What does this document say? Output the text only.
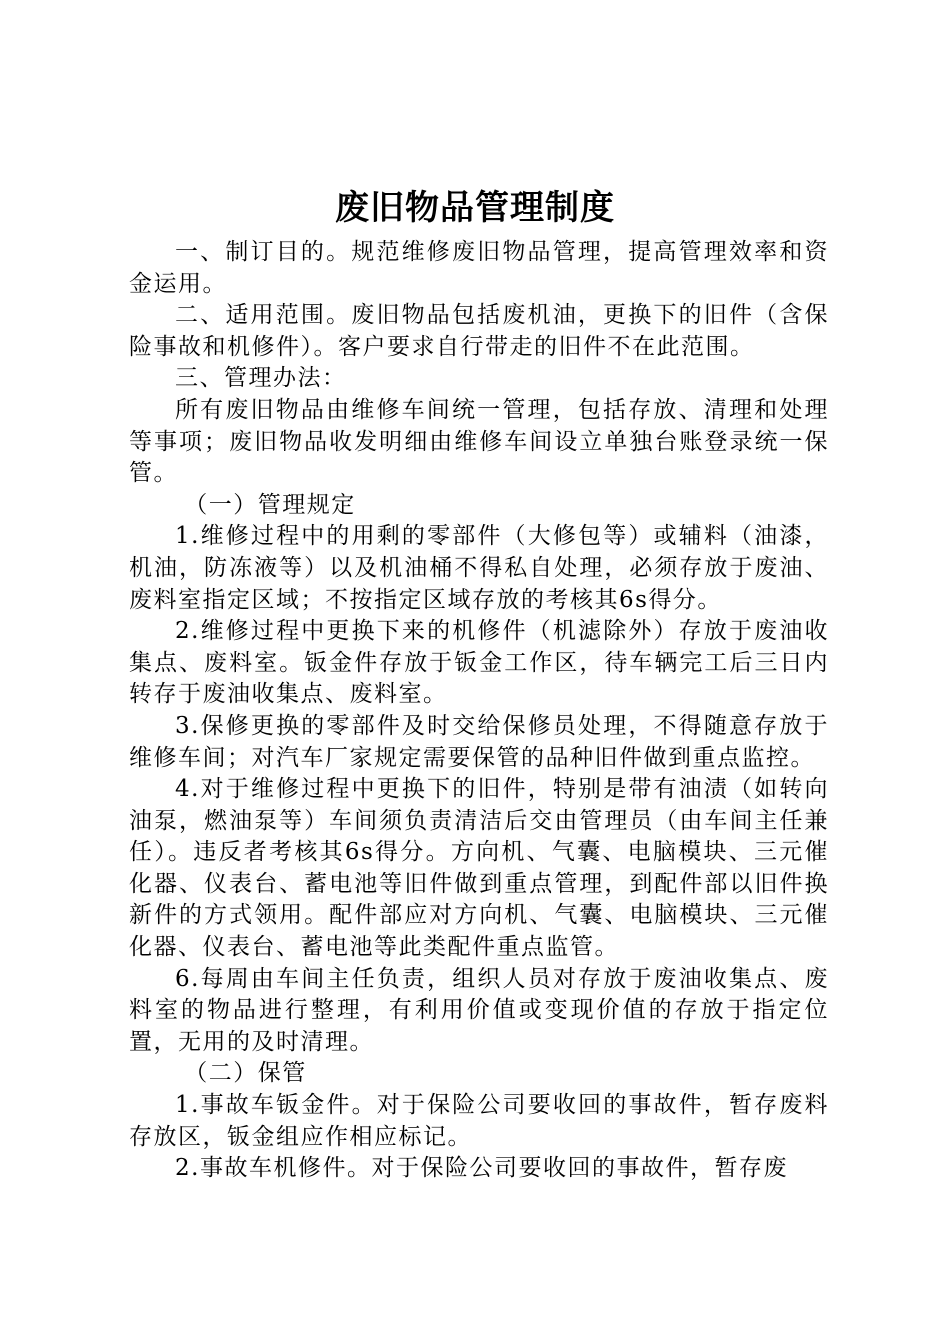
废旧物品管理制度

一、制订目的。规范维修废旧物品管理，提高管理效率和资金运用。

二、适用范围。废旧物品包括废机油，更换下的旧件（含保险事故和机修件）。客户要求自行带走的旧件不在此范围。

三、管理办法：

所有废旧物品由维修车间统一管理，包括存放、清理和处理等事项；废旧物品收发明细由维修车间设立单独台账登录统一保管。

（一）管理规定

1.维修过程中的用剩的零部件（大修包等）或辅料（油漆，机油，防冻液等）以及机油桶不得私自处理，必须存放于废油、废料室指定区域；不按指定区域存放的考核其6s得分。

2.维修过程中更换下来的机修件（机滤除外）存放于废油收集点、废料室。钣金件存放于钣金工作区，待车辆完工后三日内转存于废油收集点、废料室。

3.保修更换的零部件及时交给保修员处理，不得随意存放于维修车间；对汽车厂家规定需要保管的品种旧件做到重点监控。

4.对于维修过程中更换下的旧件，特别是带有油渍（如转向油泵，燃油泵等）车间须负责清洁后交由管理员（由车间主任兼任）。违反者考核其6s得分。方向机、气囊、电脑模块、三元催化器、仪表台、蓄电池等旧件做到重点管理，到配件部以旧件换新件的方式领用。配件部应对方向机、气囊、电脑模块、三元催化器、仪表台、蓄电池等此类配件重点监管。

6.每周由车间主任负责，组织人员对存放于废油收集点、废料室的物品进行整理，有利用价值或变现价值的存放于指定位置，无用的及时清理。

（二）保管

1.事故车钣金件。对于保险公司要收回的事故件，暂存废料存放区，钣金组应作相应标记。

2.事故车机修件。对于保险公司要收回的事故件，暂存废
